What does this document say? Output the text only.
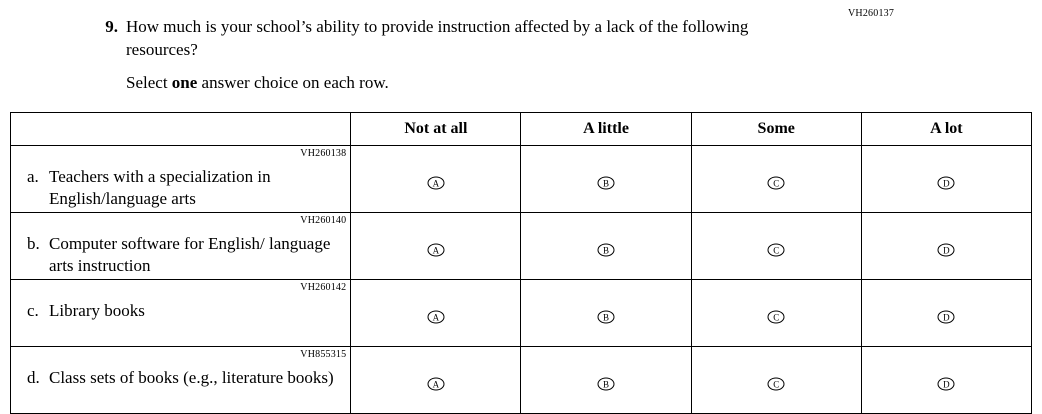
VH260137
9. How much is your school’s ability to provide instruction affected by a lack of the following resources?
Select one answer choice on each row.
	Not at all	A little	Some	A lot

VH260138
a. Teachers with a specialization in English/language arts	A	B	C	D

VH260140
b. Computer software for English/ language arts instruction	A	B	C	D

VH260142
c. Library books	A	B	C	D

VH855315
d. Class sets of books (e.g., literature books)	A	B	C	D
